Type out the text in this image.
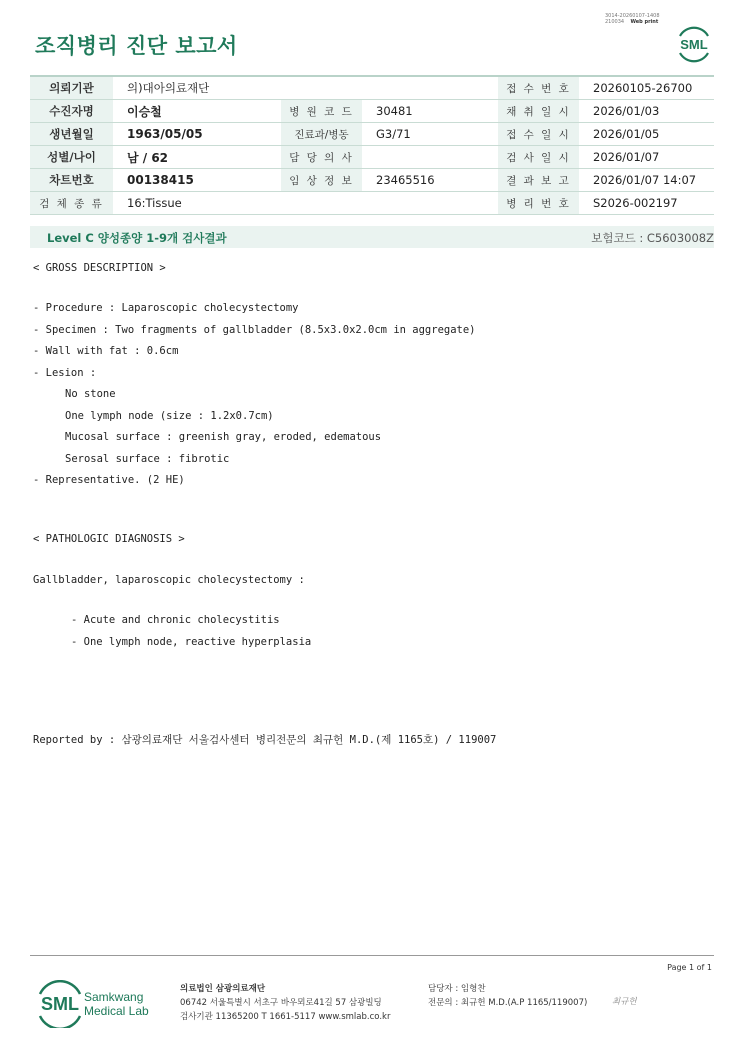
3014-20260107-1408
210034 Web print
조직병리 진단 보고서	SML
의뢰기관	의)대아의료재단			접 수 번 호	20260105-26700
수진자명	이승철	병 원 코 드	30481	채 취 일 시	2026/01/03
생년월일	1963/05/05	진료과/병동	G3/71	접 수 일 시	2026/01/05
성별/나이	남 / 62	담 당 의 사		검 사 일 시	2026/01/07
차트번호	00138415	임 상 정 보	23465516	결 과 보 고	2026/01/07 14:07
검 체 종 류	16:Tissue			병 리 번 호	S2026-002197
Level C 양성종양 1-9개 검사결과	보험코드 : C5603008Z
< GROSS DESCRIPTION >
- Procedure : Laparoscopic cholecystectomy
- Specimen : Two fragments of gallbladder (8.5x3.0x2.0cm in aggregate)
- Wall with fat : 0.6cm
- Lesion :
No stone
One lymph node (size : 1.2x0.7cm)
Mucosal surface : greenish gray, eroded, edematous
Serosal surface : fibrotic
- Representative. (2 HE)
< PATHOLOGIC DIAGNOSIS >
Gallbladder, laparoscopic cholecystectomy :
- Acute and chronic cholecystitis
- One lymph node, reactive hyperplasia
Reported by : 삼광의료재단 서울검사센터 병리전문의 최규헌 M.D.(제 1165호) / 119007
Page 1 of 1
SML Samkwang
Medical Lab
의료법인 삼광의료재단
06742 서울특별시 서초구 바우뫼로41길 57 삼광빌딩
검사기관 11365200 T 1661-5117 www.smlab.co.kr
담당자 : 임형찬
전문의 : 최규헌 M.D.(A.P 1165/119007)	최규헌
